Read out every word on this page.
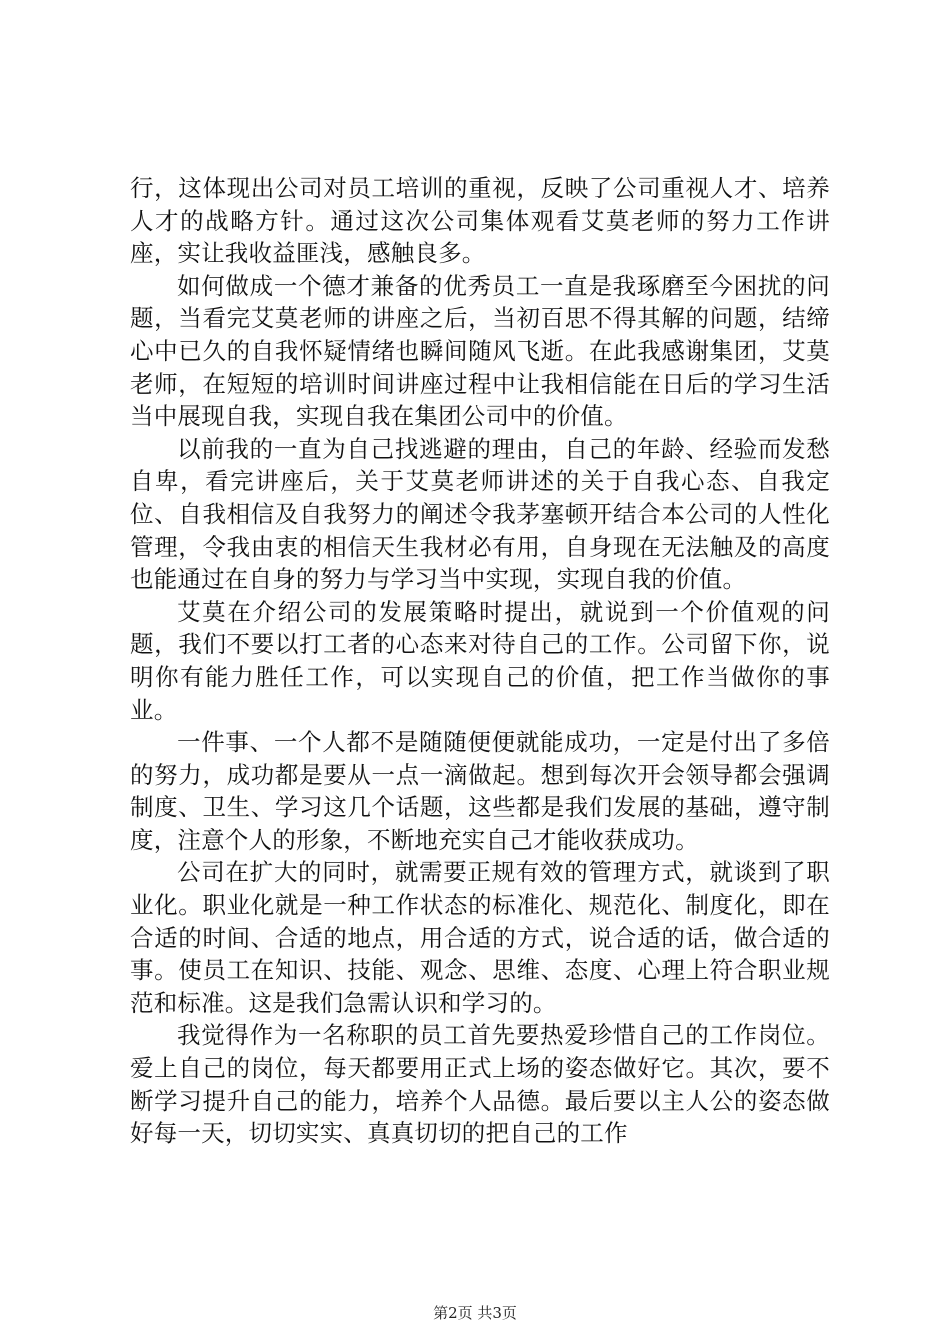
行，这体现出公司对员工培训的重视，反映了公司重视人才、培养人才的战略方针。通过这次公司集体观看艾莫老师的努力工作讲座，实让我收益匪浅，感触良多。

如何做成一个德才兼备的优秀员工一直是我琢磨至今困扰的问题，当看完艾莫老师的讲座之后，当初百思不得其解的问题，结缔心中已久的自我怀疑情绪也瞬间随风飞逝。在此我感谢集团，艾莫老师，在短短的培训时间讲座过程中让我相信能在日后的学习生活当中展现自我，实现自我在集团公司中的价值。

以前我的一直为自己找逃避的理由，自己的年龄、经验而发愁自卑，看完讲座后，关于艾莫老师讲述的关于自我心态、自我定位、自我相信及自我努力的阐述令我茅塞顿开结合本公司的人性化管理，令我由衷的相信天生我材必有用，自身现在无法触及的高度也能通过在自身的努力与学习当中实现，实现自我的价值。

艾莫在介绍公司的发展策略时提出，就说到一个价值观的问题，我们不要以打工者的心态来对待自己的工作。公司留下你，说明你有能力胜任工作，可以实现自己的价值，把工作当做你的事业。

一件事、一个人都不是随随便便就能成功，一定是付出了多倍的努力，成功都是要从一点一滴做起。想到每次开会领导都会强调制度、卫生、学习这几个话题，这些都是我们发展的基础，遵守制度，注意个人的形象，不断地充实自己才能收获成功。

公司在扩大的同时，就需要正规有效的管理方式，就谈到了职业化。职业化就是一种工作状态的标准化、规范化、制度化，即在合适的时间、合适的地点，用合适的方式，说合适的话，做合适的事。使员工在知识、技能、观念、思维、态度、心理上符合职业规范和标准。这是我们急需认识和学习的。

我觉得作为一名称职的员工首先要热爱珍惜自己的工作岗位。爱上自己的岗位，每天都要用正式上场的姿态做好它。其次，要不断学习提升自己的能力，培养个人品德。最后要以主人公的姿态做好每一天，切切实实、真真切切的把自己的工作

第2页 共3页
